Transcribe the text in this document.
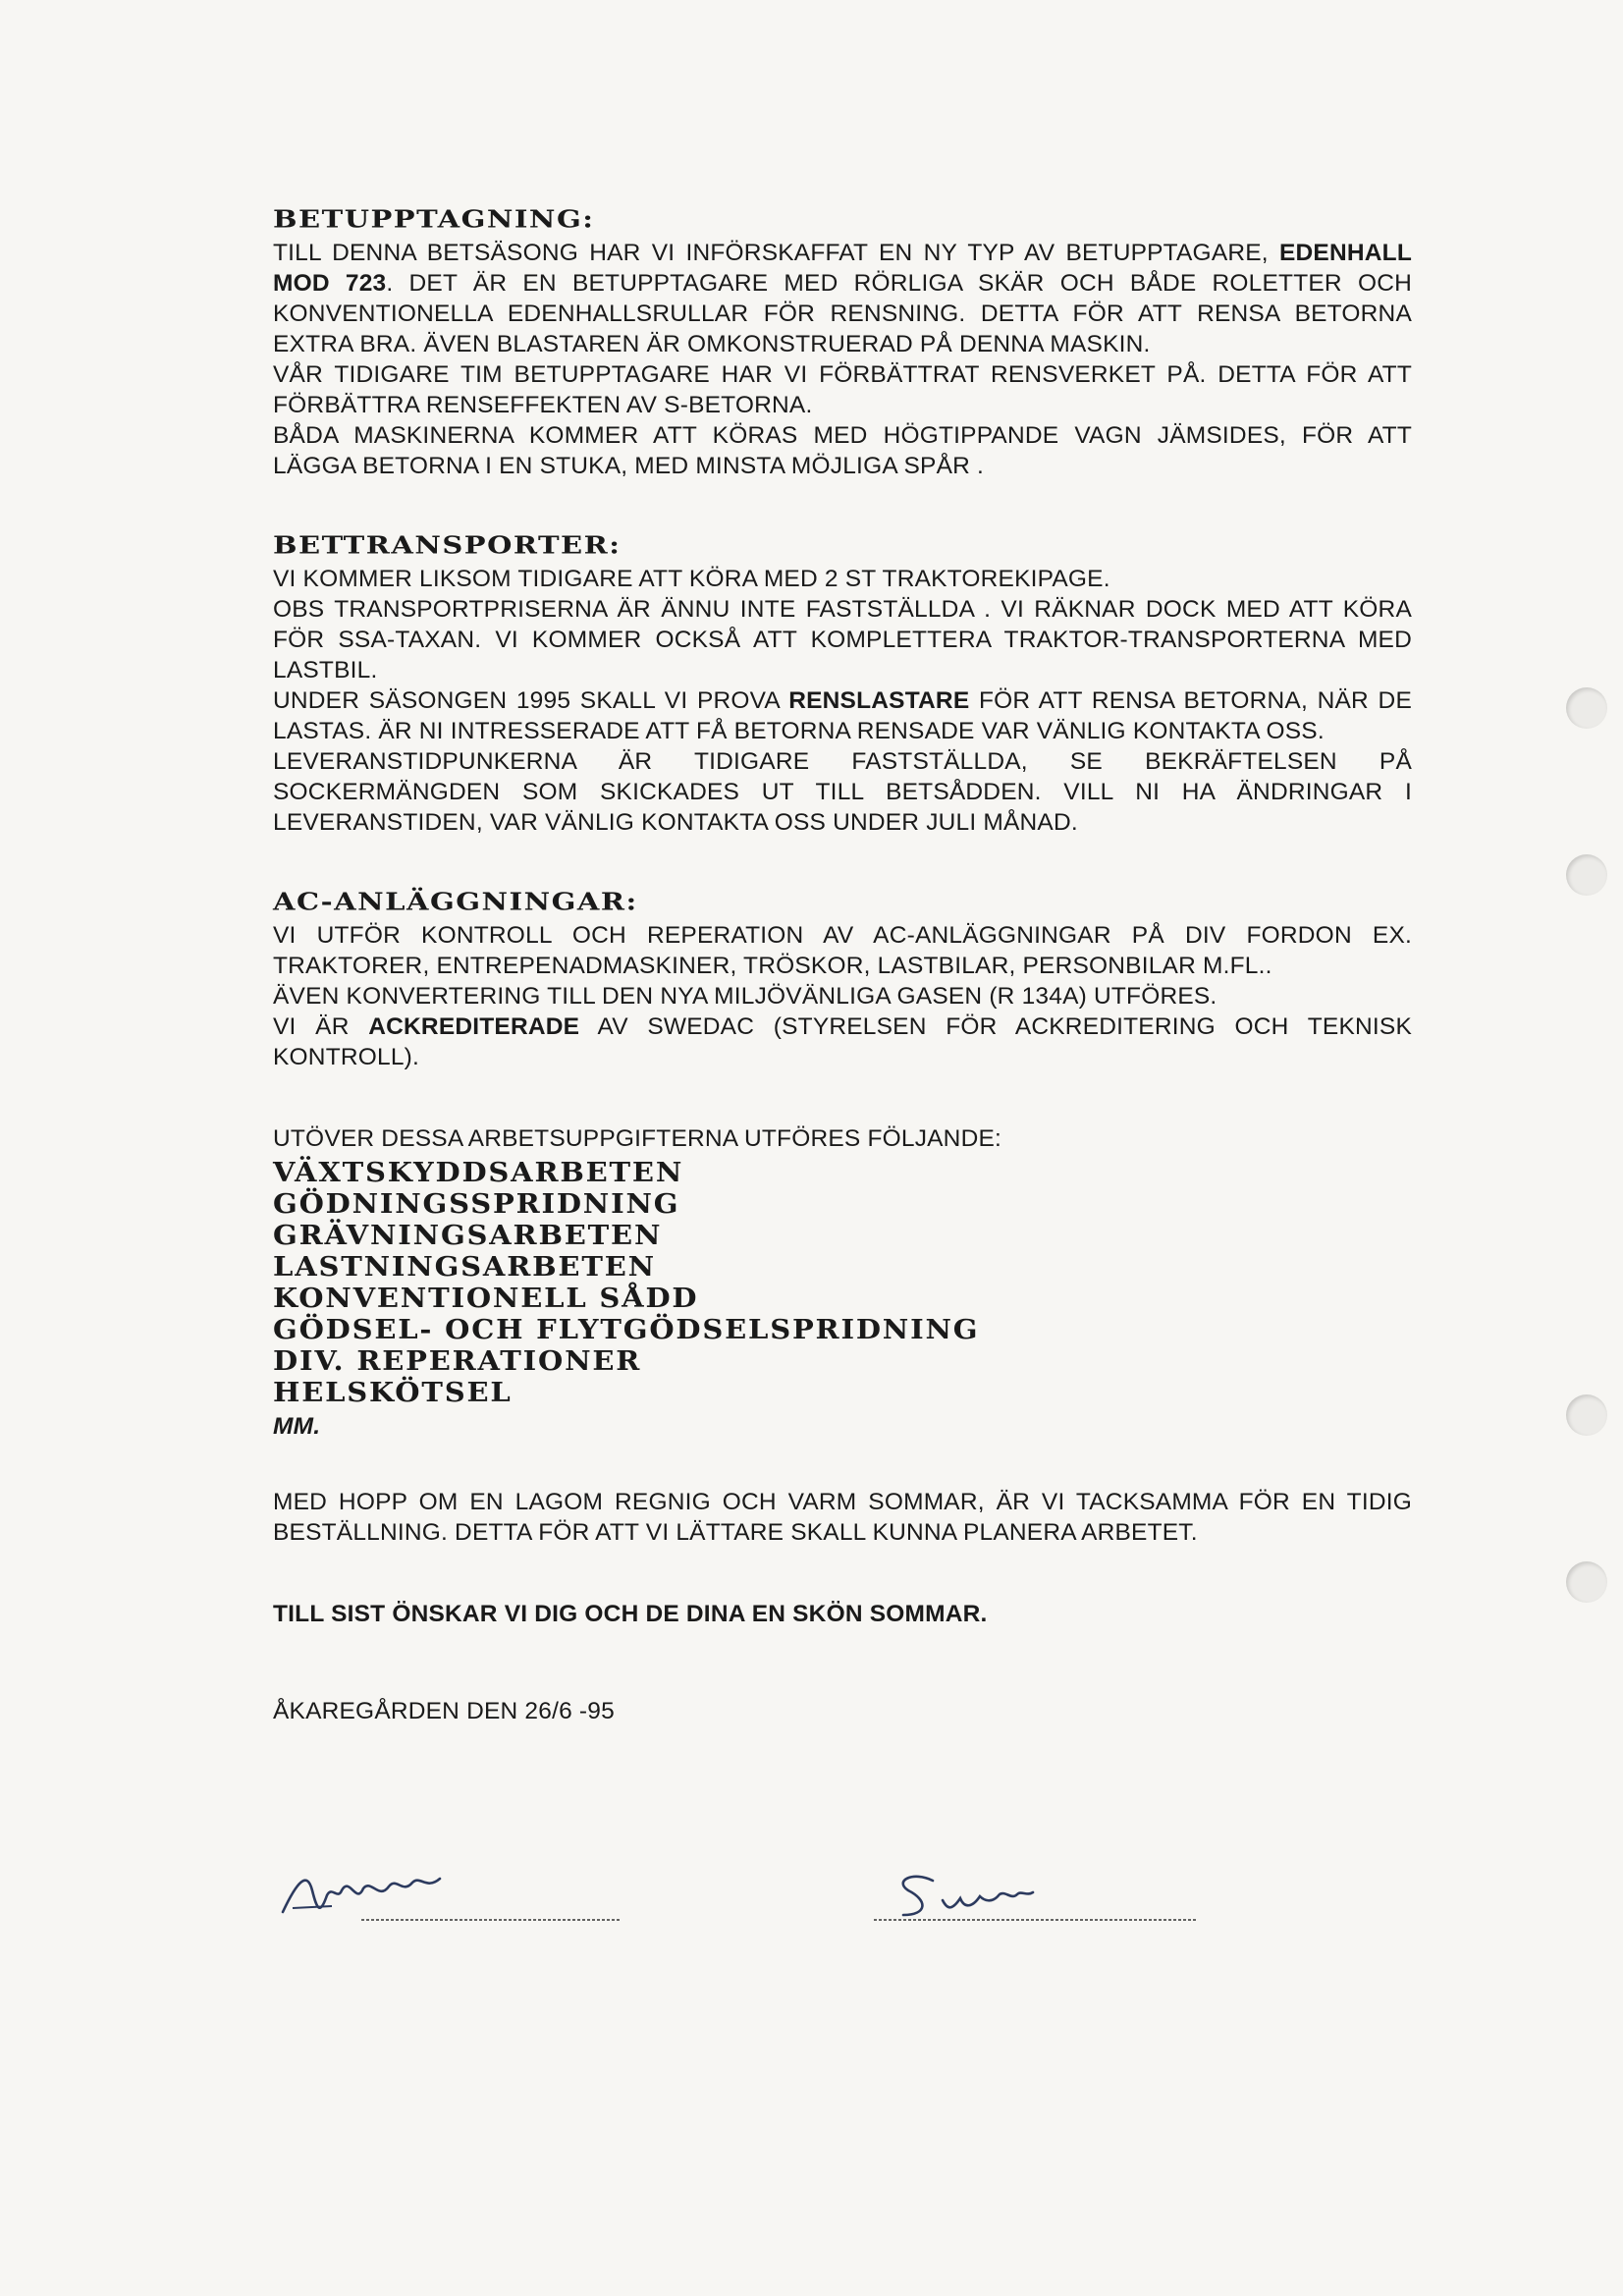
BETUPPTAGNING:

TILL DENNA BETSÄSONG HAR VI INFÖRSKAFFAT EN NY TYP AV BETUPPTAGARE, EDENHALL MOD 723. DET ÄR EN BETUPPTAGARE MED RÖRLIGA SKÄR OCH BÅDE ROLETTER OCH KONVENTIONELLA EDENHALLSRULLAR FÖR RENSNING. DETTA FÖR ATT RENSA BETORNA EXTRA BRA. ÄVEN BLASTAREN ÄR OMKONSTRUERAD PÅ DENNA MASKIN.

VÅR TIDIGARE TIM BETUPPTAGARE HAR VI FÖRBÄTTRAT RENSVERKET PÅ. DETTA FÖR ATT FÖRBÄTTRA RENSEFFEKTEN AV S-BETORNA.

BÅDA MASKINERNA KOMMER ATT KÖRAS MED HÖGTIPPANDE VAGN JÄMSIDES, FÖR ATT LÄGGA BETORNA I EN STUKA, MED MINSTA MÖJLIGA SPÅR .

BETTRANSPORTER:

VI KOMMER LIKSOM TIDIGARE ATT KÖRA MED 2 ST TRAKTOREKIPAGE.

OBS TRANSPORTPRISERNA ÄR ÄNNU INTE FASTSTÄLLDA . VI RÄKNAR DOCK MED ATT KÖRA FÖR SSA-TAXAN. VI KOMMER OCKSÅ ATT KOMPLETTERA TRAKTOR-TRANSPORTERNA MED LASTBIL.

UNDER SÄSONGEN 1995 SKALL VI PROVA RENSLASTARE FÖR ATT RENSA BETORNA, NÄR DE LASTAS. ÄR NI INTRESSERADE ATT FÅ BETORNA RENSADE VAR VÄNLIG KONTAKTA OSS.

LEVERANSTIDPUNKERNA ÄR TIDIGARE FASTSTÄLLDA, SE BEKRÄFTELSEN PÅ SOCKERMÄNGDEN SOM SKICKADES UT TILL BETSÅDDEN. VILL NI HA ÄNDRINGAR I LEVERANSTIDEN, VAR VÄNLIG KONTAKTA OSS UNDER JULI MÅNAD.

AC-ANLÄGGNINGAR:

VI UTFÖR KONTROLL OCH REPERATION AV AC-ANLÄGGNINGAR PÅ DIV FORDON EX. TRAKTORER, ENTREPENADMASKINER, TRÖSKOR, LASTBILAR, PERSONBILAR M.FL..

ÄVEN KONVERTERING TILL DEN NYA MILJÖVÄNLIGA GASEN (R 134A) UTFÖRES.

VI ÄR ACKREDITERADE AV SWEDAC (STYRELSEN FÖR ACKREDITERING OCH TEKNISK KONTROLL).

UTÖVER DESSA ARBETSUPPGIFTERNA UTFÖRES FÖLJANDE:

VÄXTSKYDDSARBETEN
GÖDNINGSSPRIDNING
GRÄVNINGSARBETEN
LASTNINGSARBETEN
KONVENTIONELL SÅDD
GÖDSEL- OCH FLYTGÖDSELSPRIDNING
DIV. REPERATIONER
HELSKÖTSEL
MM.

MED HOPP OM EN LAGOM REGNIG OCH VARM SOMMAR, ÄR VI TACKSAMMA FÖR EN TIDIG BESTÄLLNING. DETTA FÖR ATT VI LÄTTARE SKALL KUNNA PLANERA ARBETET.

TILL SIST ÖNSKAR VI DIG OCH DE DINA EN SKÖN SOMMAR.
ÅKAREGÅRDEN DEN 26/6 -95
